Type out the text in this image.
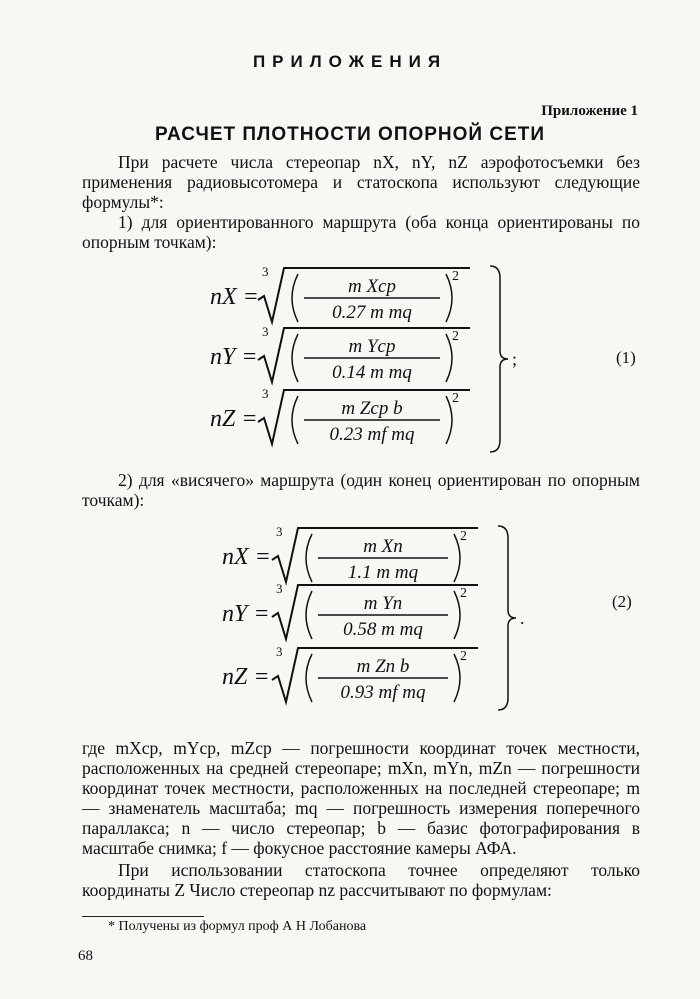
ПРИЛОЖЕНИЯ
Приложение 1
РАСЧЕТ ПЛОТНОСТИ ОПОРНОЙ СЕТИ
При расчете числа стереопар nX, nY, nZ аэрофотосъемки без применения радиовысотомера и статоскопа используют следующие формулы*:
1) для ориентированного маршрута (оба конца ориентированы по опорным точкам):
nX =
3
m Xср
0.27 m mq
2
nY =
3
m Yср
0.14 m mq
2
nZ =
3
m Zср b
0.23 mf mq
2
;
nX =
3
m Xn
1.1 m mq
2
nY =
3
m Yn
0.58 m mq
2
nZ =
3
m Zn b
0.93 mf mq
2
.
(1)
(2)
2) для «висячего» маршрута (один конец ориентирован по опорным точкам):
где mXср, mYср, mZср — погрешности координат точек местности, расположенных на средней стереопаре; mXn, mYn, mZn — погрешности координат точек местности, расположенных на последней стереопаре; m — знаменатель масштаба; mq — погрешность измерения поперечного параллакса; n — число стереопар; b — базис фотографирования в масштабе снимка; f — фокусное расстояние камеры АФА.
При использовании статоскопа точнее определяют только координаты Z Число стереопар nz рассчитывают по формулам:
* Получены из формул проф А Н Лобанова
68
